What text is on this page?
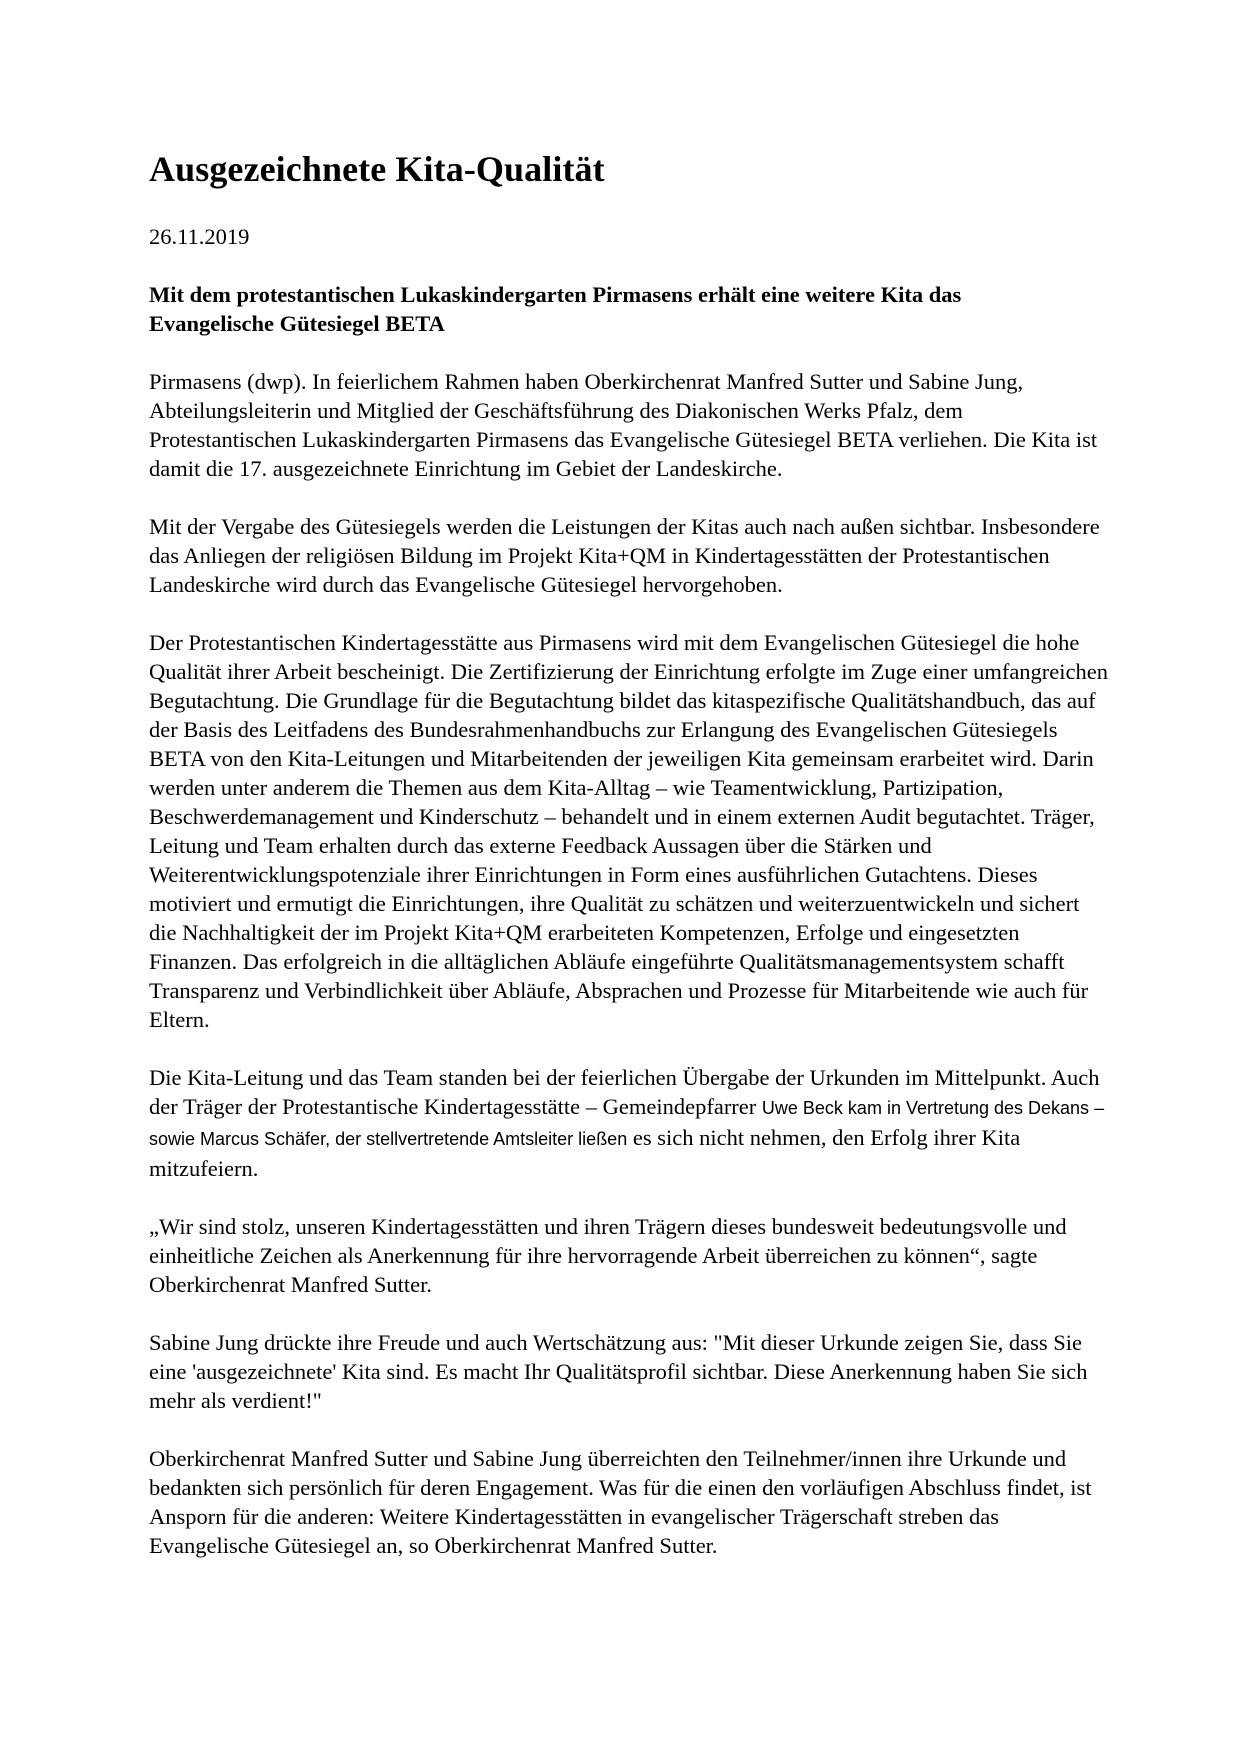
Ausgezeichnete Kita-Qualität
26.11.2019
Mit dem protestantischen Lukaskindergarten Pirmasens erhält eine weitere Kita das Evangelische Gütesiegel BETA

Pirmasens (dwp). In feierlichem Rahmen haben Oberkirchenrat Manfred Sutter und Sabine Jung, Abteilungsleiterin und Mitglied der Geschäftsführung des Diakonischen Werks Pfalz, dem Protestantischen Lukaskindergarten Pirmasens das Evangelische Gütesiegel BETA verliehen. Die Kita ist damit die 17. ausgezeichnete Einrichtung im Gebiet der Landeskirche.

Mit der Vergabe des Gütesiegels werden die Leistungen der Kitas auch nach außen sichtbar. Insbesondere das Anliegen der religiösen Bildung im Projekt Kita+QM in Kindertagesstätten der Protestantischen Landeskirche wird durch das Evangelische Gütesiegel hervorgehoben.

Der Protestantischen Kindertagesstätte aus Pirmasens wird mit dem Evangelischen Gütesiegel die hohe Qualität ihrer Arbeit bescheinigt. Die Zertifizierung der Einrichtung erfolgte im Zuge einer umfangreichen Begutachtung. Die Grundlage für die Begutachtung bildet das kitaspezifische Qualitätshandbuch, das auf der Basis des Leitfadens des Bundesrahmenhandbuchs zur Erlangung des Evangelischen Gütesiegels BETA von den Kita-Leitungen und Mitarbeitenden der jeweiligen Kita gemeinsam erarbeitet wird. Darin werden unter anderem die Themen aus dem Kita-Alltag – wie Teamentwicklung, Partizipation, Beschwerdemanagement und Kinderschutz – behandelt und in einem externen Audit begutachtet. Träger, Leitung und Team erhalten durch das externe Feedback Aussagen über die Stärken und Weiterentwicklungspotenziale ihrer Einrichtungen in Form eines ausführlichen Gutachtens. Dieses motiviert und ermutigt die Einrichtungen, ihre Qualität zu schätzen und weiterzuentwickeln und sichert die Nachhaltigkeit der im Projekt Kita+QM erarbeiteten Kompetenzen, Erfolge und eingesetzten Finanzen. Das erfolgreich in die alltäglichen Abläufe eingeführte Qualitätsmanagementsystem schafft Transparenz und Verbindlichkeit über Abläufe, Absprachen und Prozesse für Mitarbeitende wie auch für Eltern.

Die Kita-Leitung und das Team standen bei der feierlichen Übergabe der Urkunden im Mittelpunkt. Auch der Träger der Protestantische Kindertagesstätte – Gemeindepfarrer Uwe Beck kam in Vertretung des Dekans – sowie Marcus Schäfer, der stellvertretende Amtsleiter ließen es sich nicht nehmen, den Erfolg ihrer Kita mitzufeiern.

„Wir sind stolz, unseren Kindertagesstätten und ihren Trägern dieses bundesweit bedeutungsvolle und einheitliche Zeichen als Anerkennung für ihre hervorragende Arbeit überreichen zu können“, sagte Oberkirchenrat Manfred Sutter.

Sabine Jung drückte ihre Freude und auch Wertschätzung aus: "Mit dieser Urkunde zeigen Sie, dass Sie eine 'ausgezeichnete' Kita sind. Es macht Ihr Qualitätsprofil sichtbar. Diese Anerkennung haben Sie sich mehr als verdient!"

Oberkirchenrat Manfred Sutter und Sabine Jung überreichten den Teilnehmer/innen ihre Urkunde und bedankten sich persönlich für deren Engagement. Was für die einen den vorläufigen Abschluss findet, ist Ansporn für die anderen: Weitere Kindertagesstätten in evangelischer Trägerschaft streben das Evangelische Gütesiegel an, so Oberkirchenrat Manfred Sutter.
